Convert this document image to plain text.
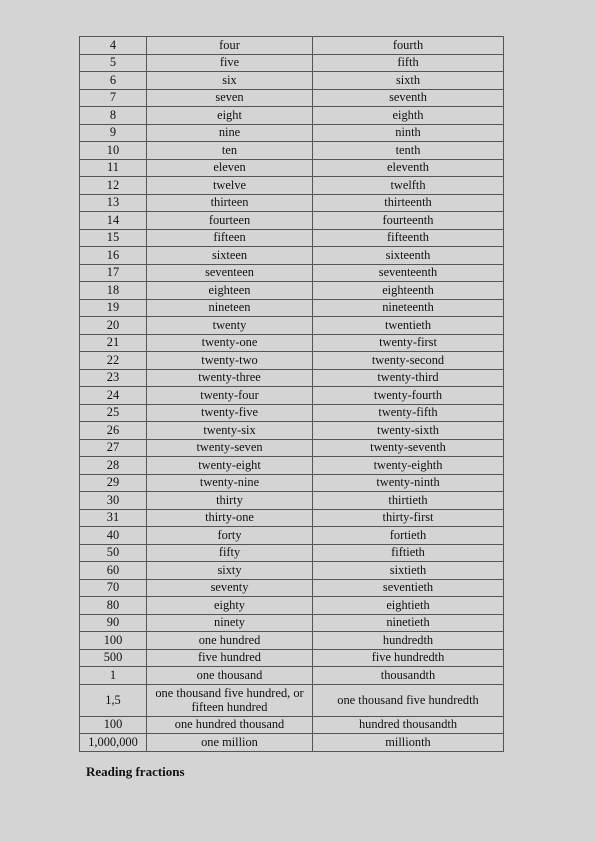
4	four	fourth
5	five	fifth
6	six	sixth
7	seven	seventh
8	eight	eighth
9	nine	ninth
10	ten	tenth
11	eleven	eleventh
12	twelve	twelfth
13	thirteen	thirteenth
14	fourteen	fourteenth
15	fifteen	fifteenth
16	sixteen	sixteenth
17	seventeen	seventeenth
18	eighteen	eighteenth
19	nineteen	nineteenth
20	twenty	twentieth
21	twenty-one	twenty-first
22	twenty-two	twenty-second
23	twenty-three	twenty-third
24	twenty-four	twenty-fourth
25	twenty-five	twenty-fifth
26	twenty-six	twenty-sixth
27	twenty-seven	twenty-seventh
28	twenty-eight	twenty-eighth
29	twenty-nine	twenty-ninth
30	thirty	thirtieth
31	thirty-one	thirty-first
40	forty	fortieth
50	fifty	fiftieth
60	sixty	sixtieth
70	seventy	seventieth
80	eighty	eightieth
90	ninety	ninetieth
100	one hundred	hundredth
500	five hundred	five hundredth
1	one thousand	thousandth
1,5	one thousand five hundred, or fifteen hundred	one thousand five hundredth
100	one hundred thousand	hundred thousandth
1,000,000	one million	millionth
Reading fractions
